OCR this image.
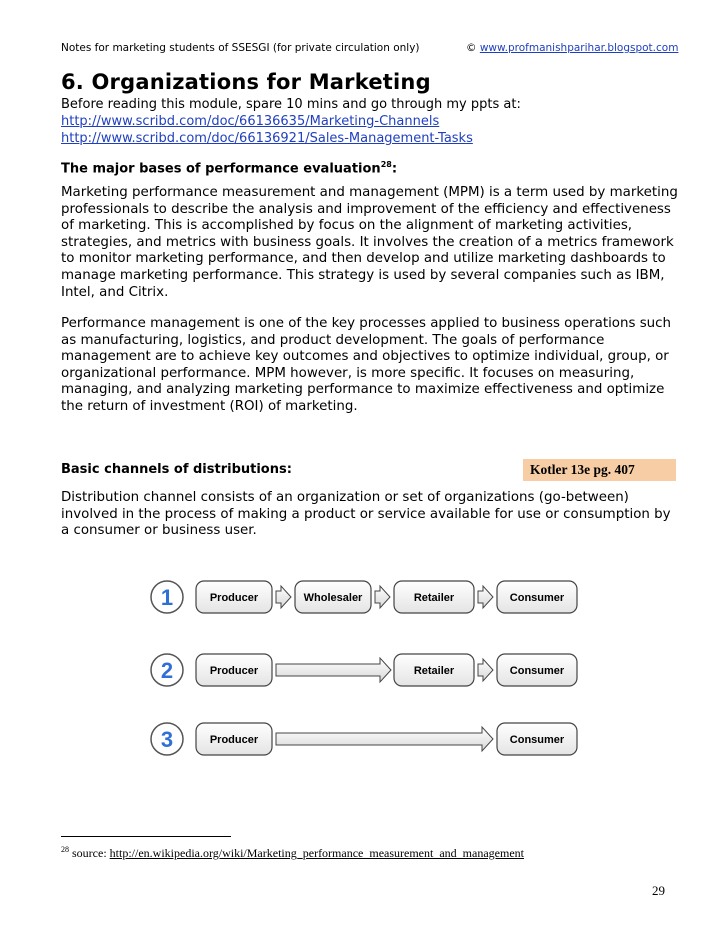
Notes for marketing students of SSESGI (for private circulation only)	© www.profmanishparihar.blogspot.com
6. Organizations for Marketing
Before reading this module, spare 10 mins and go through my ppts at:
http://www.scribd.com/doc/66136635/Marketing-Channels
http://www.scribd.com/doc/66136921/Sales-Management-Tasks
The major bases of performance evaluation$^{28}$:
Marketing performance measurement and management (MPM) is a term used by marketing
professionals to describe the analysis and improvement of the efficiency and effectiveness
of marketing. This is accomplished by focus on the alignment of marketing activities,
strategies, and metrics with business goals. It involves the creation of a metrics framework
to monitor marketing performance, and then develop and utilize marketing dashboards to
manage marketing performance. This strategy is used by several companies such as IBM,
Intel, and Citrix.
Performance management is one of the key processes applied to business operations such
as manufacturing, logistics, and product development. The goals of performance
management are to achieve key outcomes and objectives to optimize individual, group, or
organizational performance. MPM however, is more specific. It focuses on measuring,
managing, and analyzing marketing performance to maximize effectiveness and optimize
the return of investment (ROI) of marketing.
Basic channels of distributions:	Kotler 13e pg. 407
Distribution channel consists of an organization or set of organizations (go-between)
involved in the process of making a product or service available for use or consumption by
a consumer or business user.
1	Producer	Wholesaler	Retailer	Consumer
2	Producer	Retailer	Consumer
3	Producer	Consumer
$^{28}$ source: http://en.wikipedia.org/wiki/Marketing_performance_measurement_and_management
29
